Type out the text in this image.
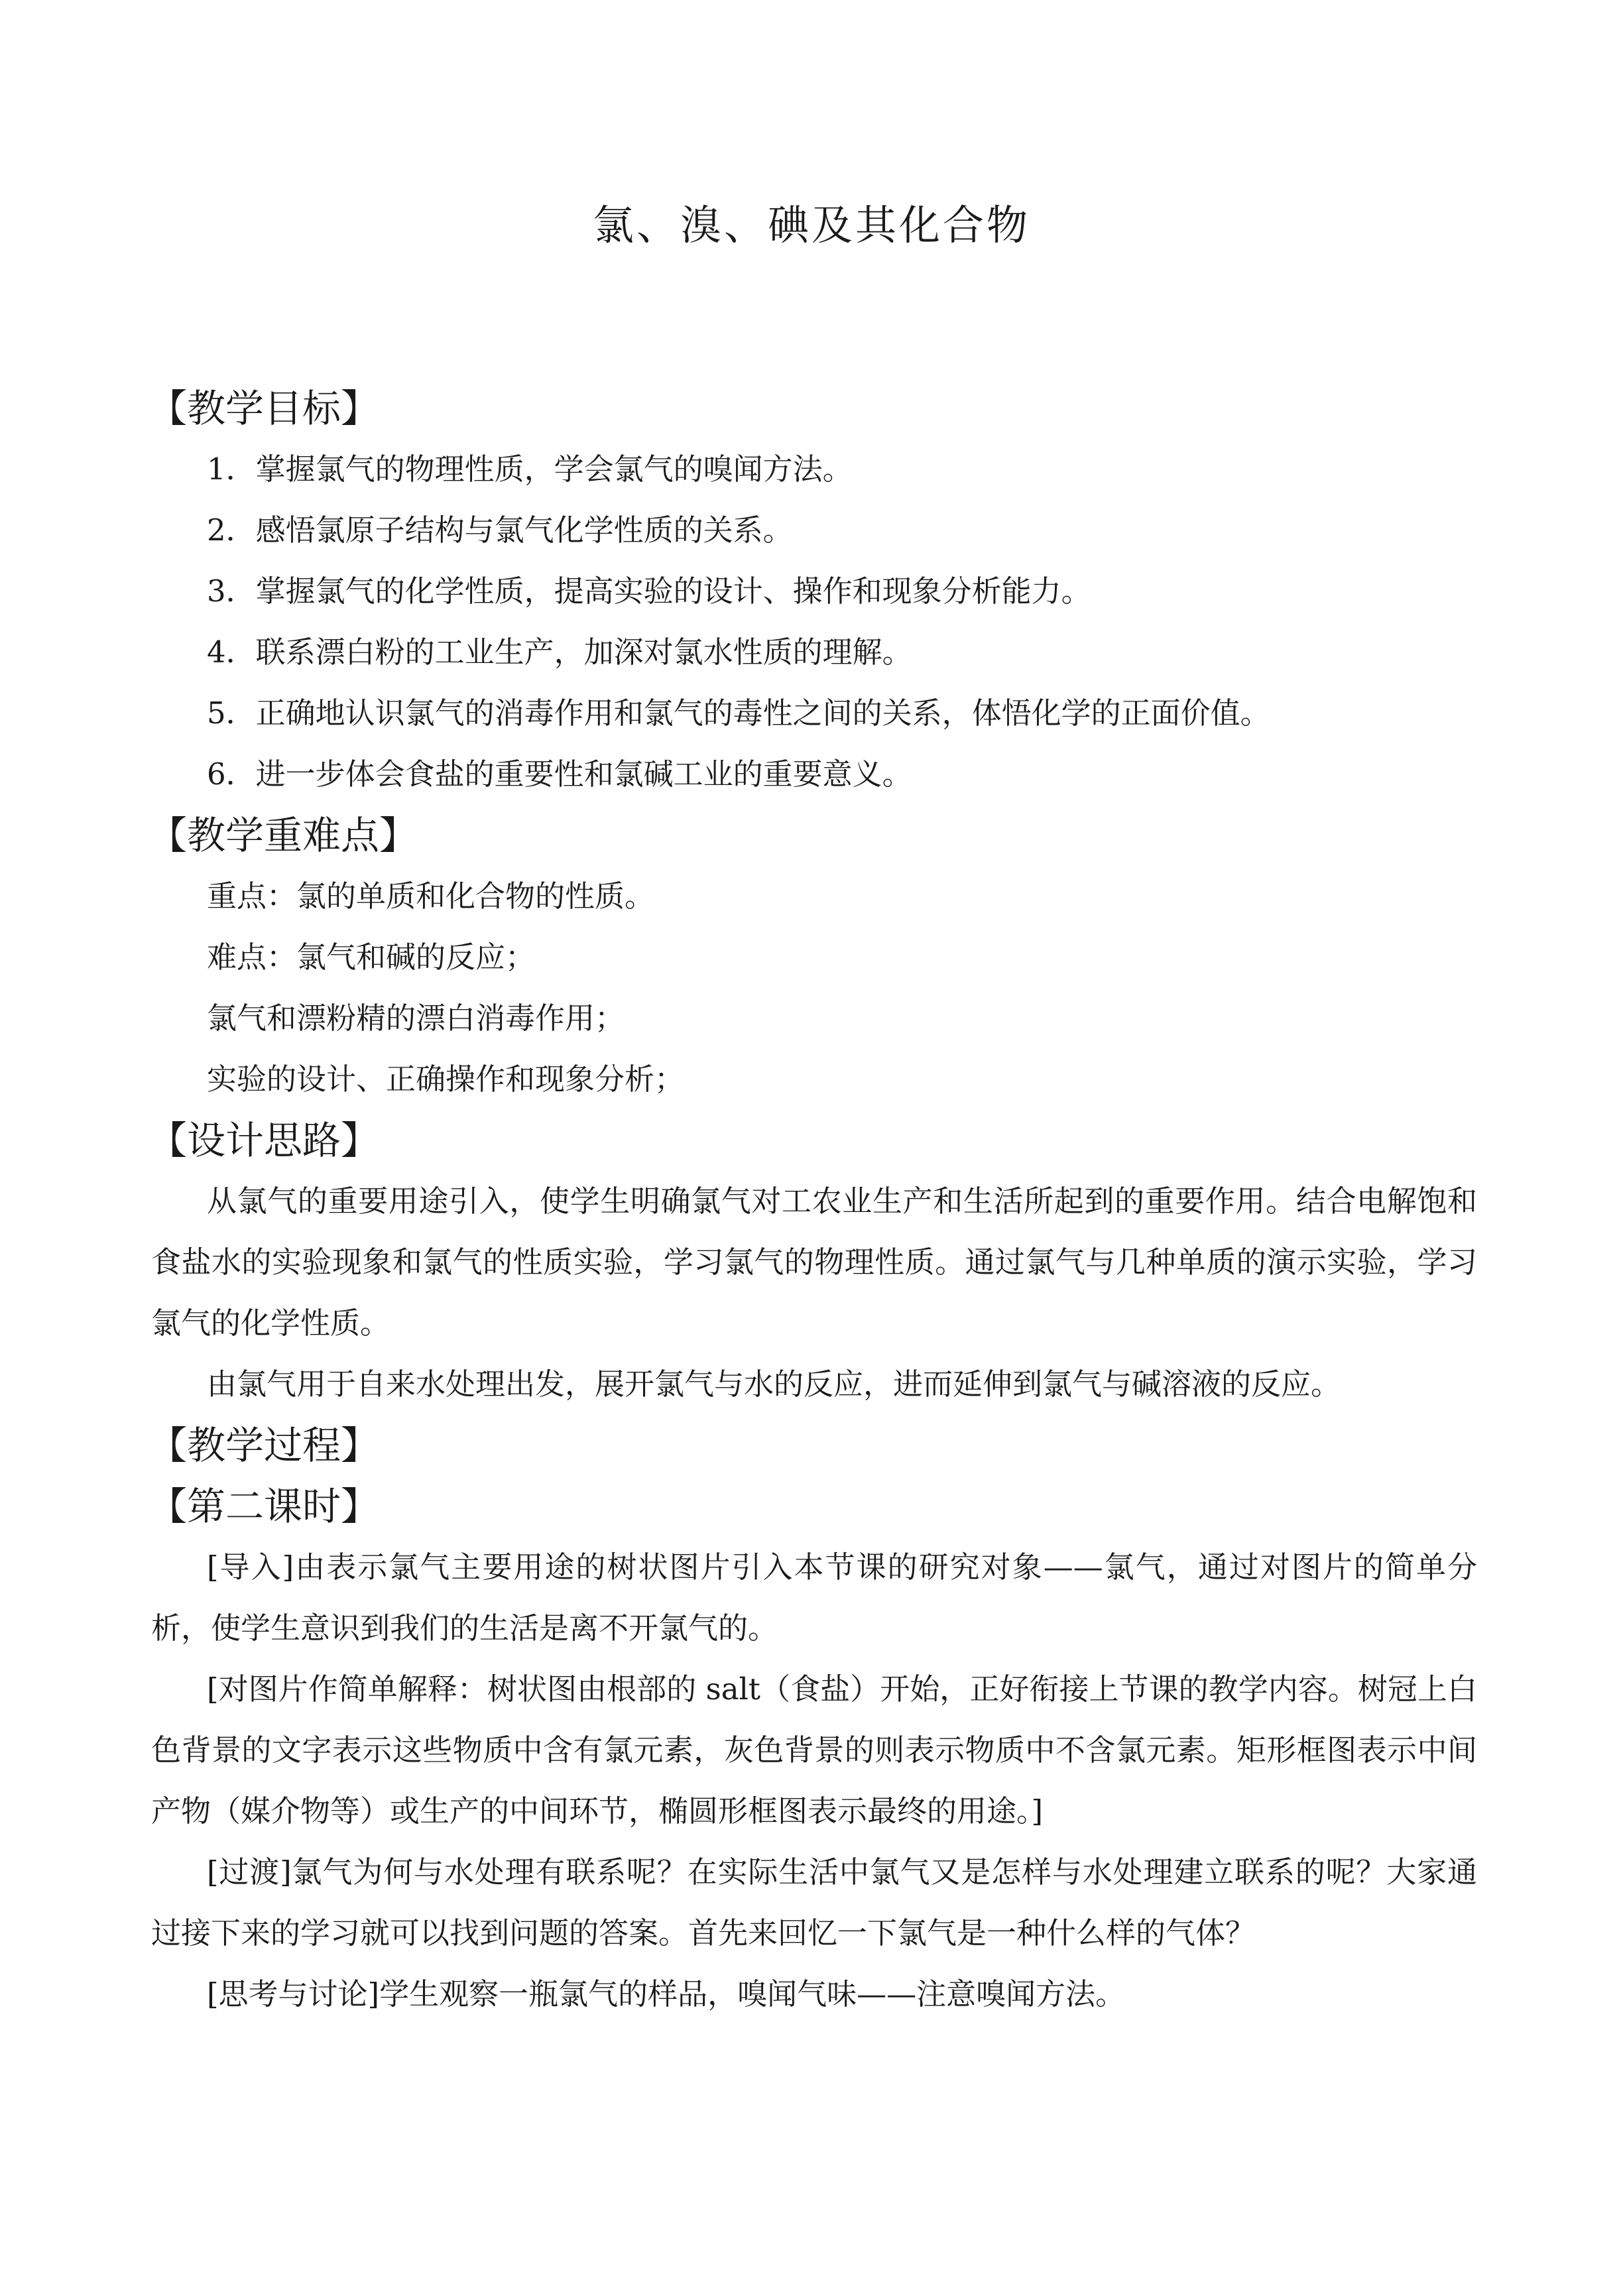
氯、溴、碘及其化合物

【教学目标】

1．掌握氯气的物理性质，学会氯气的嗅闻方法。

2．感悟氯原子结构与氯气化学性质的关系。

3．掌握氯气的化学性质，提高实验的设计、操作和现象分析能力。

4．联系漂白粉的工业生产，加深对氯水性质的理解。

5．正确地认识氯气的消毒作用和氯气的毒性之间的关系，体悟化学的正面价值。

6．进一步体会食盐的重要性和氯碱工业的重要意义。

【教学重难点】

重点：氯的单质和化合物的性质。

难点：氯气和碱的反应；

氯气和漂粉精的漂白消毒作用；

实验的设计、正确操作和现象分析；

【设计思路】

从氯气的重要用途引入，使学生明确氯气对工农业生产和生活所起到的重要作用。结合电解饱和食盐水的实验现象和氯气的性质实验，学习氯气的物理性质。通过氯气与几种单质的演示实验，学习氯气的化学性质。

由氯气用于自来水处理出发，展开氯气与水的反应，进而延伸到氯气与碱溶液的反应。

【教学过程】

【第二课时】

[导入]由表示氯气主要用途的树状图片引入本节课的研究对象——氯气，通过对图片的简单分析，使学生意识到我们的生活是离不开氯气的。

[对图片作简单解释：树状图由根部的 salt（食盐）开始，正好衔接上节课的教学内容。树冠上白色背景的文字表示这些物质中含有氯元素，灰色背景的则表示物质中不含氯元素。矩形框图表示中间产物（媒介物等）或生产的中间环节，椭圆形框图表示最终的用途。]

[过渡]氯气为何与水处理有联系呢？在实际生活中氯气又是怎样与水处理建立联系的呢？大家通过接下来的学习就可以找到问题的答案。首先来回忆一下氯气是一种什么样的气体？

[思考与讨论]学生观察一瓶氯气的样品，嗅闻气味——注意嗅闻方法。
